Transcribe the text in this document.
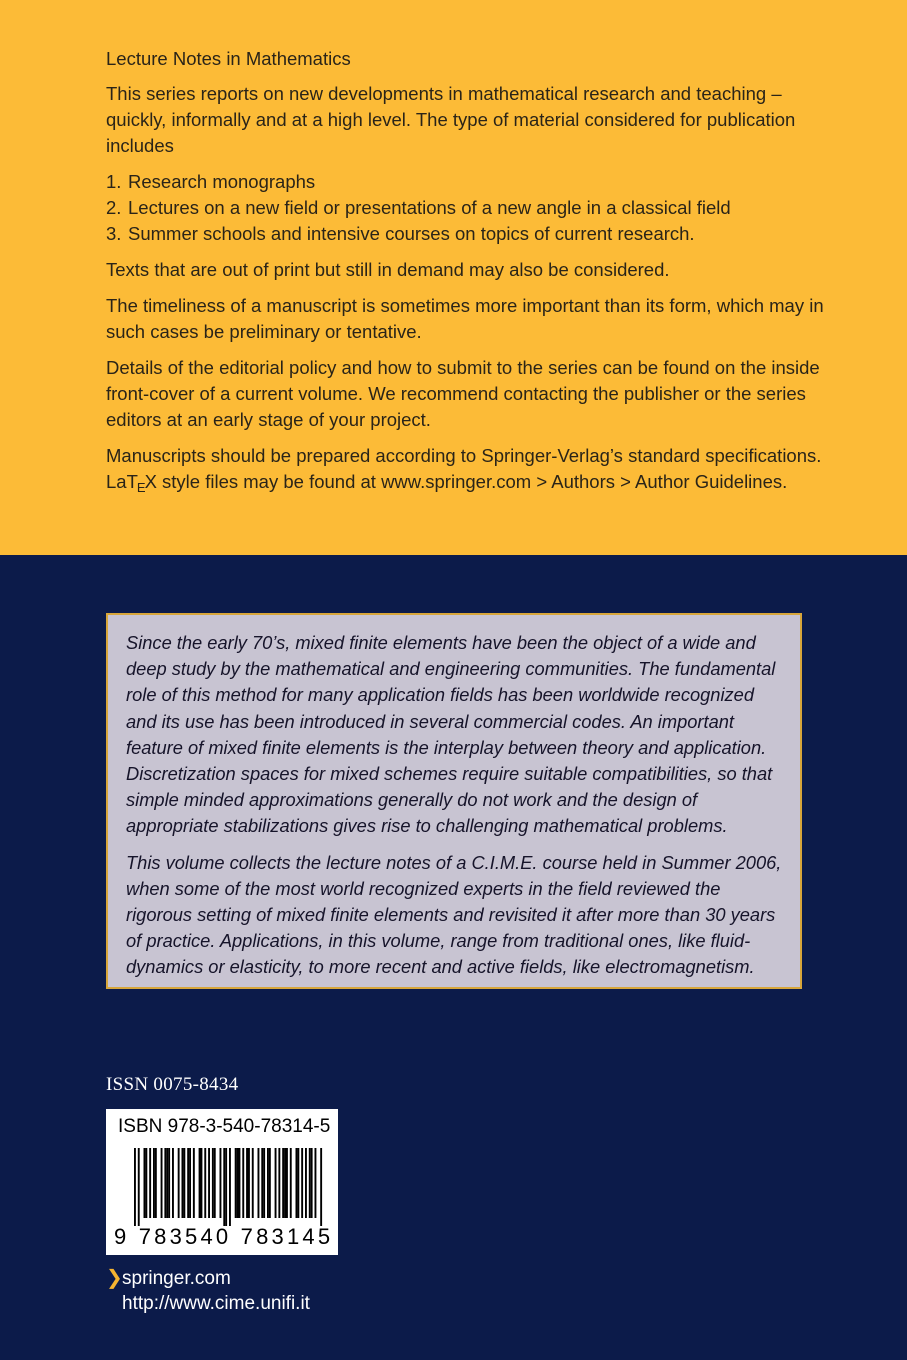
Lecture Notes in Mathematics

This series reports on new developments in mathematical research and teaching – quickly, informally and at a high level. The type of material considered for publication includes

1. Research monographs
2. Lectures on a new field or presentations of a new angle in a classical field
3. Summer schools and intensive courses on topics of current research.

Texts that are out of print but still in demand may also be considered.

The timeliness of a manuscript is sometimes more important than its form, which may in such cases be preliminary or tentative.

Details of the editorial policy and how to submit to the series can be found on the inside front-cover of a current volume. We recommend contacting the publisher or the series editors at an early stage of your project.

Manuscripts should be prepared according to Springer-Verlag’s standard specifications.
LaT$_E$X style files may be found at www.springer.com > Authors > Author Guidelines.

Since the early 70’s, mixed finite elements have been the object of a wide and deep study by the mathematical and engineering communities. The fundamental role of this method for many application fields has been worldwide recognized and its use has been introduced in several commercial codes. An important feature of mixed finite elements is the interplay between theory and application. Discretization spaces for mixed schemes require suitable compatibilities, so that simple minded approximations generally do not work and the design of appropriate stabilizations gives rise to challenging mathematical problems.

This volume collects the lecture notes of a C.I.M.E. course held in Summer 2006, when some of the most world recognized experts in the field reviewed the rigorous setting of mixed finite elements and revisited it after more than 30 years of practice. Applications, in this volume, range from traditional ones, like fluid-dynamics or elasticity, to more recent and active fields, like electromagnetism.

ISSN 0075-8434
ISBN 978-3-540-78314-5
9 783540 783145
❯ springer.com
http://www.cime.unifi.it
